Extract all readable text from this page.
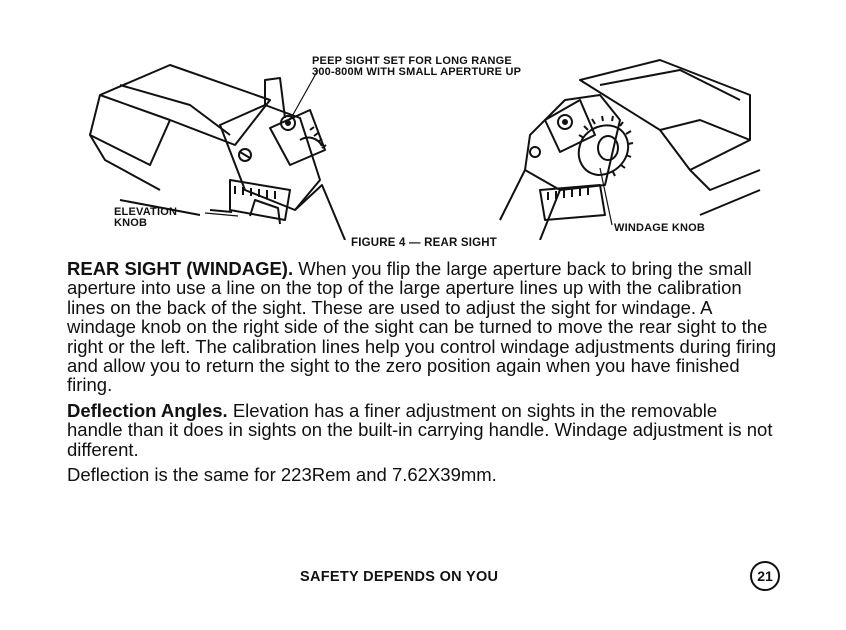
PEEP SIGHT SET FOR LONG RANGE 300-800M WITH SMALL APERTURE UP
ELEVATION KNOB	WINDAGE KNOB
FIGURE 4 — REAR SIGHT

REAR SIGHT (WINDAGE). When you flip the large aperture back to bring the small aperture into use a line on the top of the large aperture lines up with the calibration lines on the back of the sight. These are used to adjust the sight for windage. A windage knob on the right side of the sight can be turned to move the rear sight to the right or the left. The calibration lines help you control windage adjustments during firing and allow you to return the sight to the zero position again when you have finished firing.

Deflection Angles. Elevation has a finer adjustment on sights in the removable handle than it does in sights on the built-in carrying handle. Windage adjustment is not different.

Deflection is the same for 223Rem and 7.62X39mm.

SAFETY DEPENDS ON YOU	21
